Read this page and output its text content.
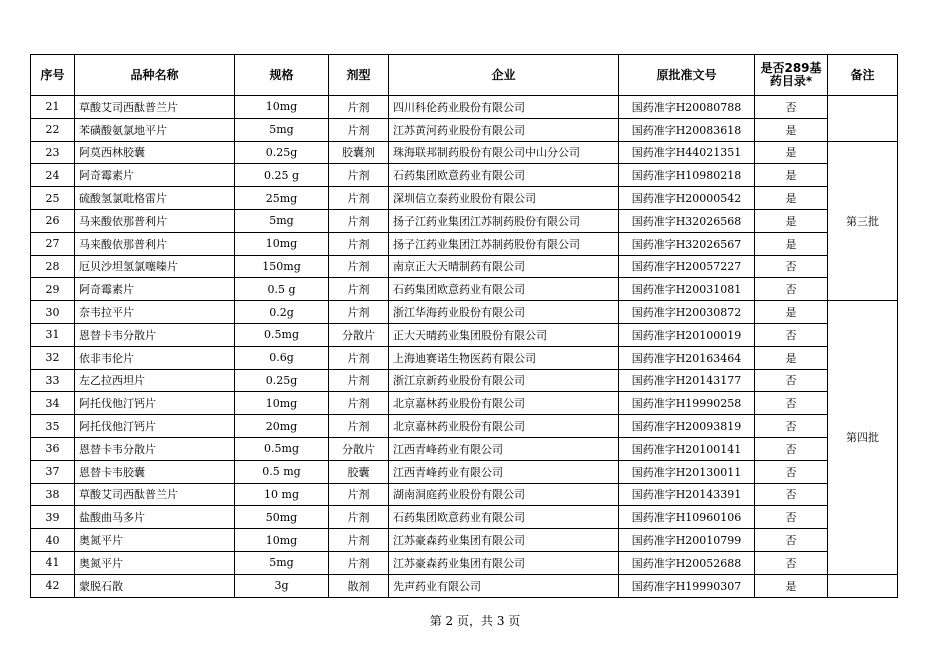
序号	品种名称	规格	剂型	企业	原批准文号	是否289基药目录*	备注
21	草酸艾司西酞普兰片	10mg	片剂	四川科伦药业股份有限公司	国药准字H20080788	否	
22	苯磺酸氨氯地平片	5mg	片剂	江苏黄河药业股份有限公司	国药准字H20083618	是	
23	阿莫西林胶囊	0.25g	胶囊剂	珠海联邦制药股份有限公司中山分公司	国药准字H44021351	是	第三批
24	阿奇霉素片	0.25 g	片剂	石药集团欧意药业有限公司	国药准字H10980218	是	
25	硫酸氢氯吡格雷片	25mg	片剂	深圳信立泰药业股份有限公司	国药准字H20000542	是	
26	马来酸依那普利片	5mg	片剂	扬子江药业集团江苏制药股份有限公司	国药准字H32026568	是	
27	马来酸依那普利片	10mg	片剂	扬子江药业集团江苏制药股份有限公司	国药准字H32026567	是	
28	厄贝沙坦氢氯噻嗪片	150mg	片剂	南京正大天晴制药有限公司	国药准字H20057227	否	
29	阿奇霉素片	0.5 g	片剂	石药集团欧意药业有限公司	国药准字H20031081	否	
30	奈韦拉平片	0.2g	片剂	浙江华海药业股份有限公司	国药准字H20030872	是	第四批
31	恩替卡韦分散片	0.5mg	分散片	正大天晴药业集团股份有限公司	国药准字H20100019	否	
32	依非韦伦片	0.6g	片剂	上海迪赛诺生物医药有限公司	国药准字H20163464	是	
33	左乙拉西坦片	0.25g	片剂	浙江京新药业股份有限公司	国药准字H20143177	否	
34	阿托伐他汀钙片	10mg	片剂	北京嘉林药业股份有限公司	国药准字H19990258	否	
35	阿托伐他汀钙片	20mg	片剂	北京嘉林药业股份有限公司	国药准字H20093819	否	
36	恩替卡韦分散片	0.5mg	分散片	江西青峰药业有限公司	国药准字H20100141	否	
37	恩替卡韦胶囊	0.5 mg	胶囊	江西青峰药业有限公司	国药准字H20130011	否	
38	草酸艾司西酞普兰片	10 mg	片剂	湖南洞庭药业股份有限公司	国药准字H20143391	否	
39	盐酸曲马多片	50mg	片剂	石药集团欧意药业有限公司	国药准字H10960106	否	
40	奥氮平片	10mg	片剂	江苏豪森药业集团有限公司	国药准字H20010799	否	
41	奥氮平片	5mg	片剂	江苏豪森药业集团有限公司	国药准字H20052688	否	
42	蒙脱石散	3g	散剂	先声药业有限公司	国药准字H19990307	是	
第 2 页，共 3 页
